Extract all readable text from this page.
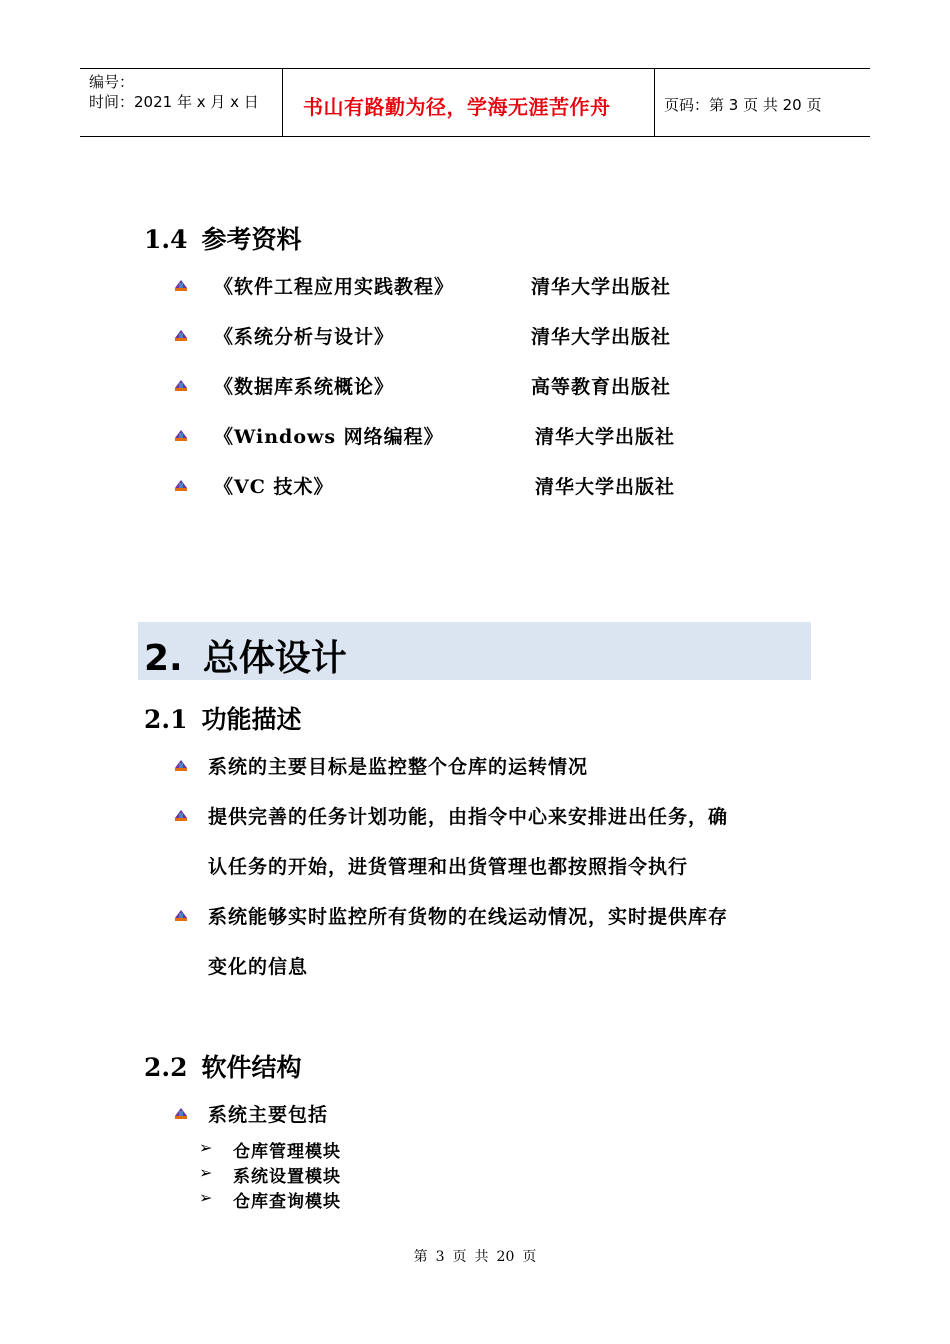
编号：
时间：2021 年 x 月 x 日 书山有路勤为径，学海无涯苦作舟	页码：第 3 页 共 20 页
1.4 参考资料
《软件工程应用实践教程》	清华大学出版社
《系统分析与设计》	清华大学出版社
《数据库系统概论》	高等教育出版社
《Windows 网络编程》	清华大学出版社
《VC 技术》	清华大学出版社
2. 总体设计
2.1 功能描述
系统的主要目标是监控整个仓库的运转情况
提供完善的任务计划功能，由指令中心来安排进出任务，确
认任务的开始，进货管理和出货管理也都按照指令执行
系统能够实时监控所有货物的在线运动情况，实时提供库存
变化的信息
2.2 软件结构
系统主要包括
➢ 仓库管理模块
➢ 系统设置模块
➢ 仓库查询模块
第 3 页 共 20 页
